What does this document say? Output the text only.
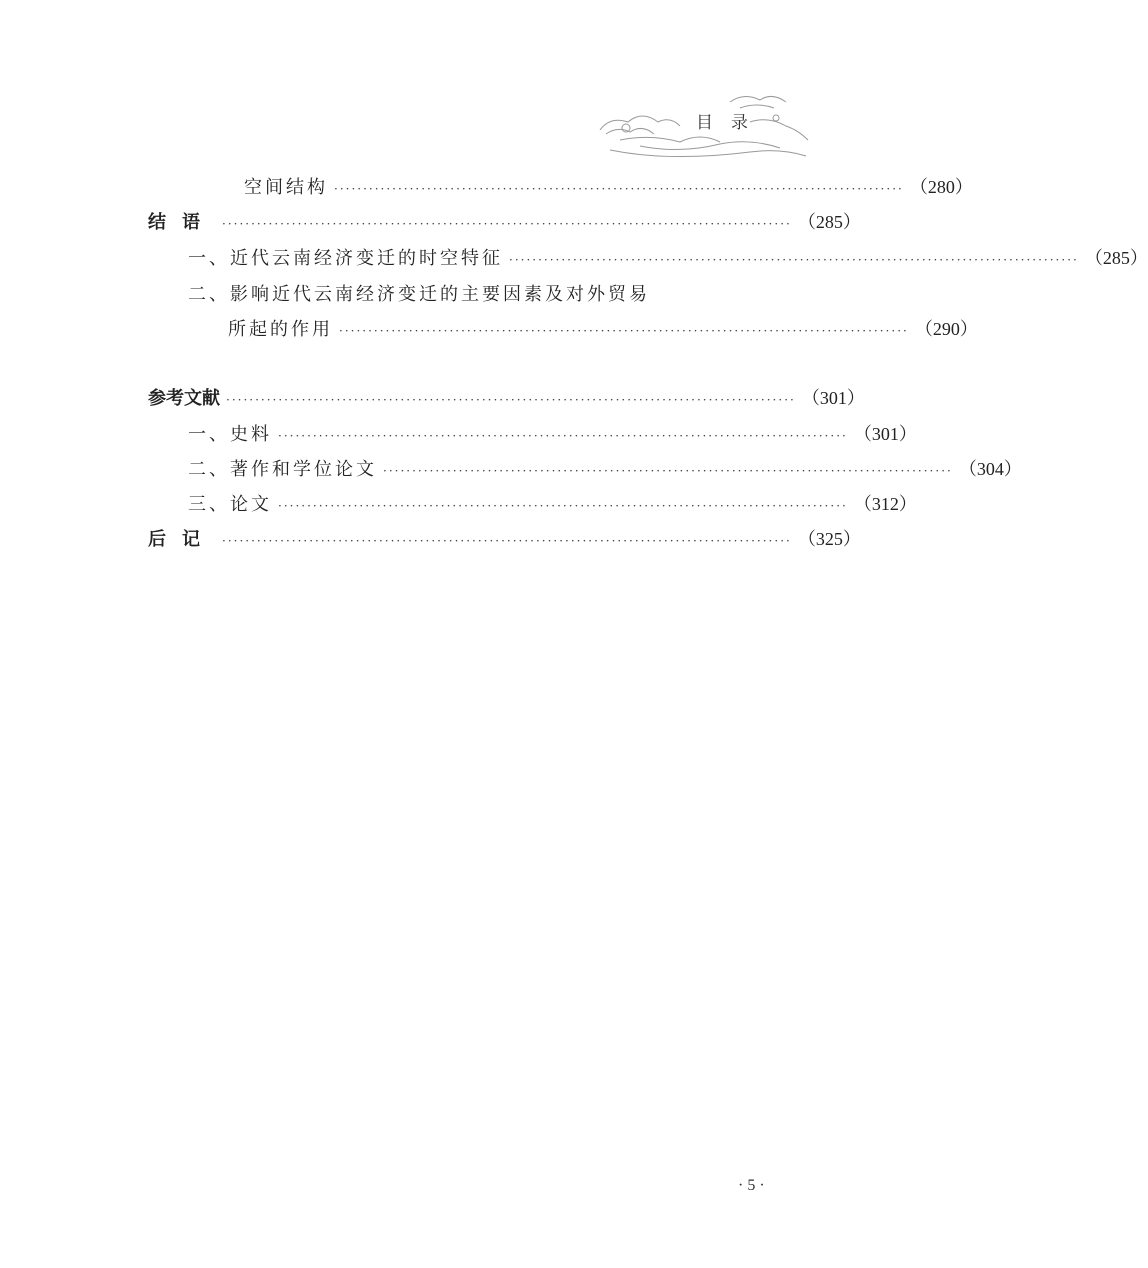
目录
空间结构 ·································································································· （280）
结语 ·································································································· （285）
一、近代云南经济变迁的时空特征 ·································································································· （285）
二、影响近代云南经济变迁的主要因素及对外贸易
所起的作用 ·································································································· （290）
参考文献 ·································································································· （301）
一、史料 ·································································································· （301）
二、著作和学位论文 ·································································································· （304）
三、论文 ·································································································· （312）
后记 ·································································································· （325）
· 5 ·
